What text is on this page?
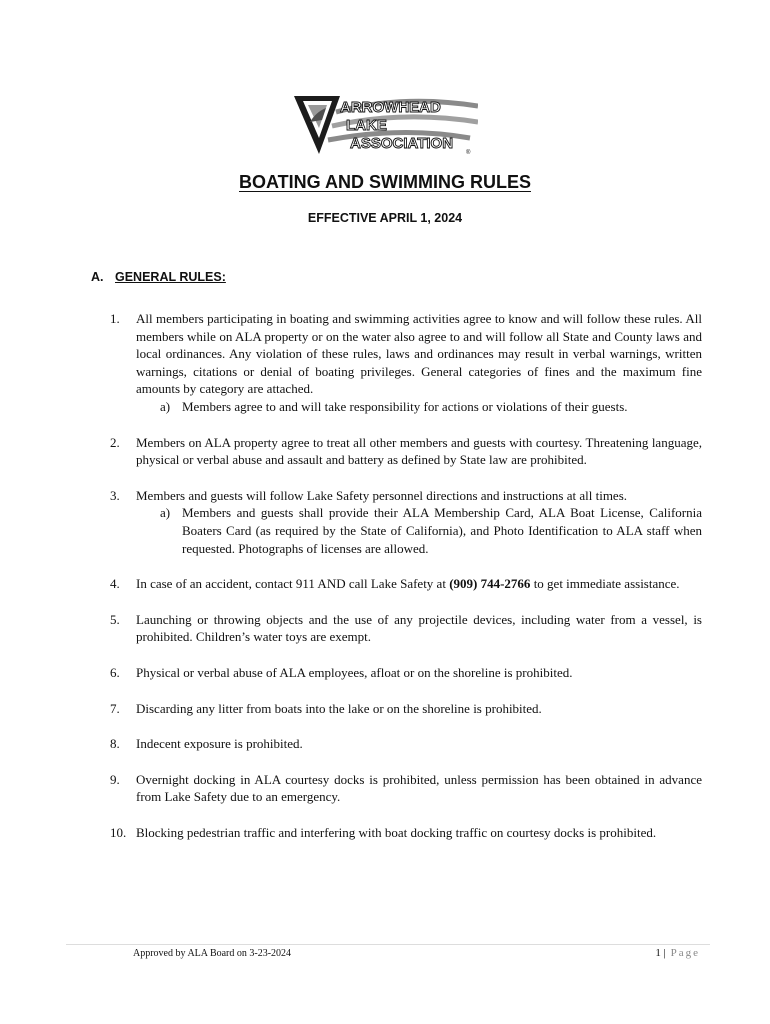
ARROWHEAD
LAKE
ASSOCIATION
®
BOATING AND SWIMMING RULES
EFFECTIVE APRIL 1, 2024
A. GENERAL RULES:
1. All members participating in boating and swimming activities agree to know and will follow these rules. All members while on ALA property or on the water also agree to and will follow all State and County laws and local ordinances. Any violation of these rules, laws and ordinances may result in verbal warnings, written warnings, citations or denial of boating privileges. General categories of fines and the maximum fine amounts by category are attached.
a) Members agree to and will take responsibility for actions or violations of their guests.
2. Members on ALA property agree to treat all other members and guests with courtesy. Threatening language, physical or verbal abuse and assault and battery as defined by State law are prohibited.
3. Members and guests will follow Lake Safety personnel directions and instructions at all times.
a) Members and guests shall provide their ALA Membership Card, ALA Boat License, California Boaters Card (as required by the State of California), and Photo Identification to ALA staff when requested. Photographs of licenses are allowed.
4. In case of an accident, contact 911 AND call Lake Safety at (909) 744-2766 to get immediate assistance.
5. Launching or throwing objects and the use of any projectile devices, including water from a vessel, is prohibited. Children’s water toys are exempt.
6. Physical or verbal abuse of ALA employees, afloat or on the shoreline is prohibited.
7. Discarding any litter from boats into the lake or on the shoreline is prohibited.
8. Indecent exposure is prohibited.
9. Overnight docking in ALA courtesy docks is prohibited, unless permission has been obtained in advance from Lake Safety due to an emergency.
10. Blocking pedestrian traffic and interfering with boat docking traffic on courtesy docks is prohibited.
Approved by ALA Board on 3-23-2024	1 | Page
